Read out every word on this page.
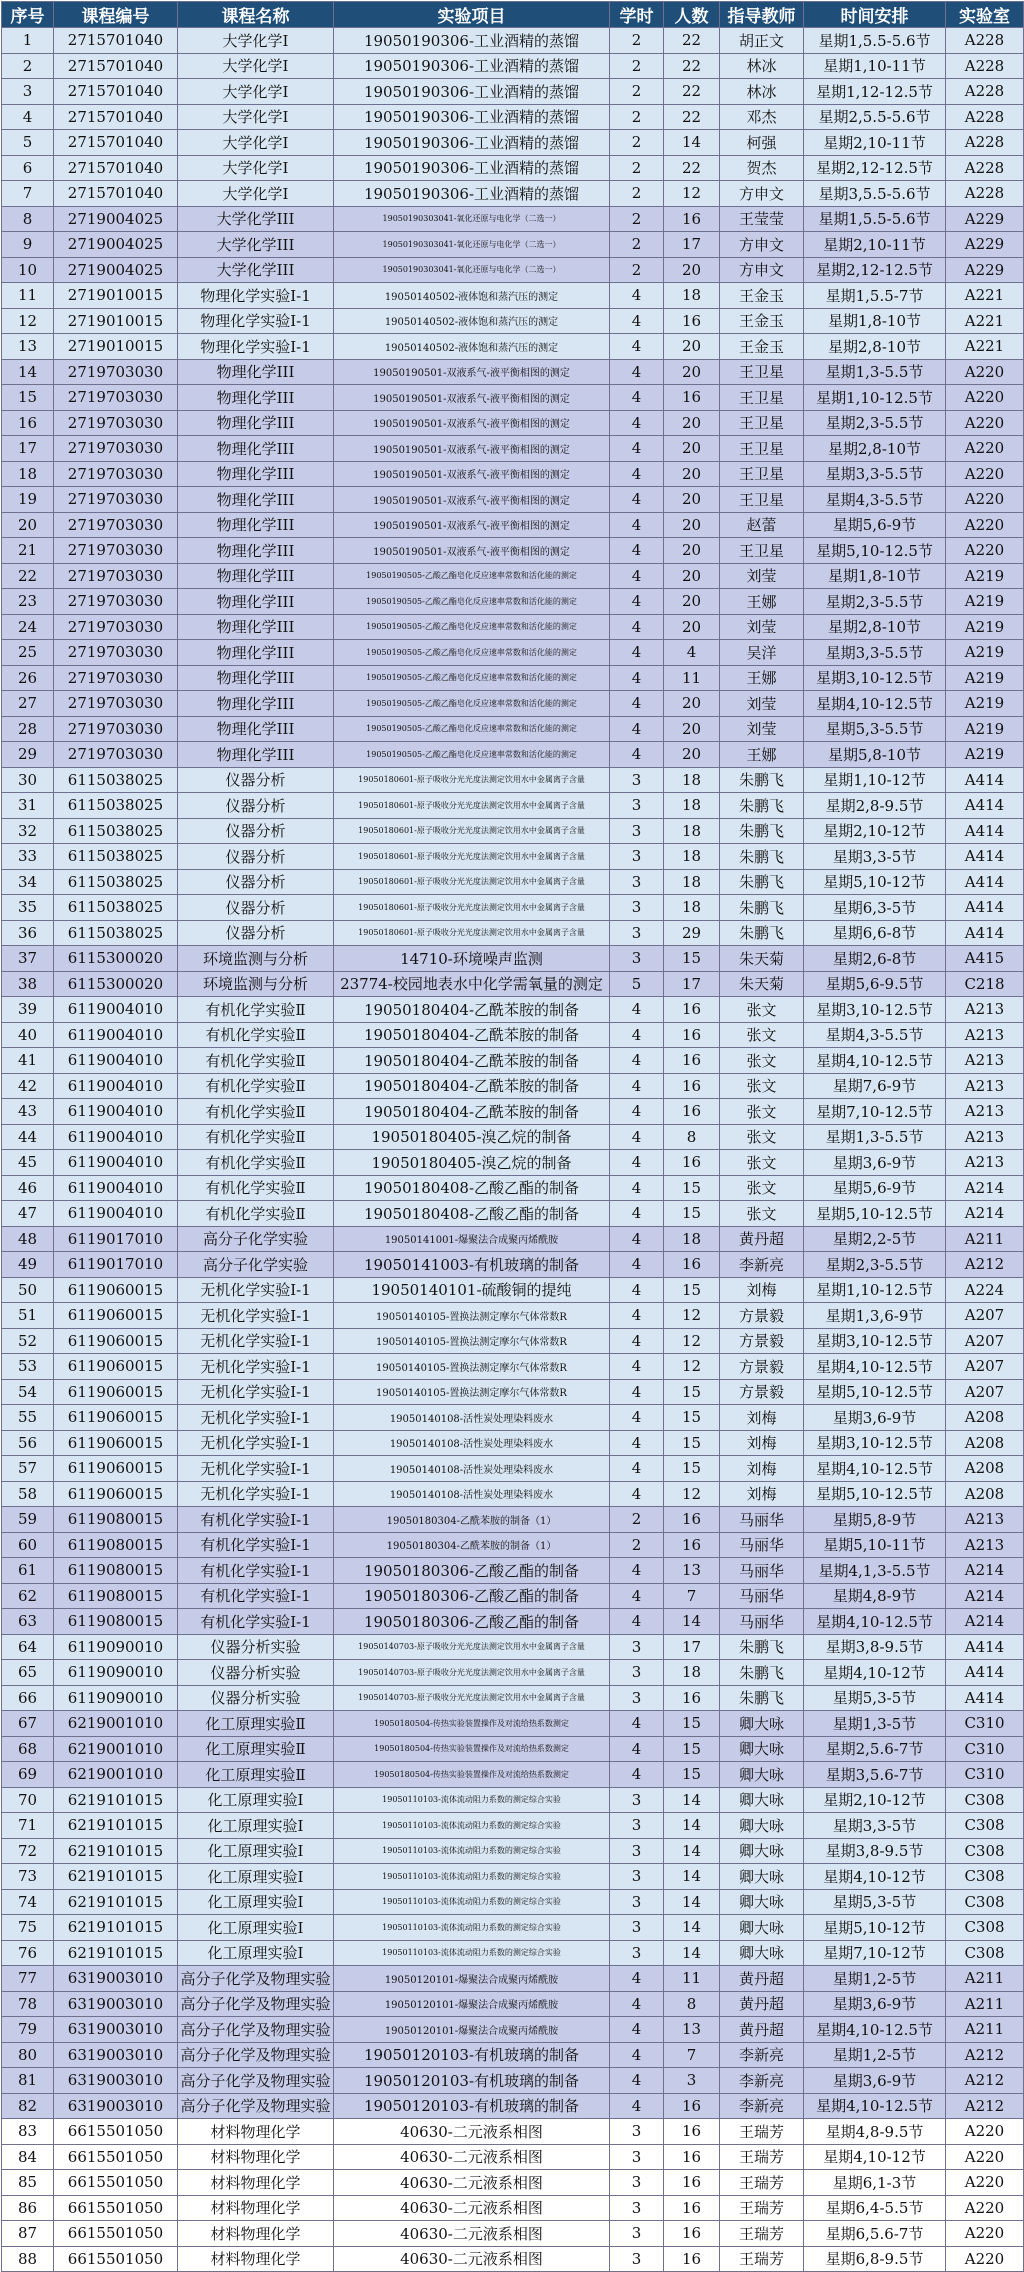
序号	课程编号	课程名称	实验项目	学时	人数	指导教师	时间安排	实验室
1	2715701040	大学化学Ⅰ	19050190306-工业酒精的蒸馏	2	22	胡正文	星期1,5.5-5.6节	A228
2	2715701040	大学化学Ⅰ	19050190306-工业酒精的蒸馏	2	22	林冰	星期1,10-11节	A228
3	2715701040	大学化学Ⅰ	19050190306-工业酒精的蒸馏	2	22	林冰	星期1,12-12.5节	A228
4	2715701040	大学化学Ⅰ	19050190306-工业酒精的蒸馏	2	22	邓杰	星期2,5.5-5.6节	A228
5	2715701040	大学化学Ⅰ	19050190306-工业酒精的蒸馏	2	14	柯强	星期2,10-11节	A228
6	2715701040	大学化学Ⅰ	19050190306-工业酒精的蒸馏	2	22	贺杰	星期2,12-12.5节	A228
7	2715701040	大学化学Ⅰ	19050190306-工业酒精的蒸馏	2	12	方申文	星期3,5.5-5.6节	A228
8	2719004025	大学化学III	19050190303041-氧化还原与电化学（二选一）	2	16	王莹莹	星期1,5.5-5.6节	A229
9	2719004025	大学化学III	19050190303041-氧化还原与电化学（二选一）	2	17	方申文	星期2,10-11节	A229
10	2719004025	大学化学III	19050190303041-氧化还原与电化学（二选一）	2	20	方申文	星期2,12-12.5节	A229
11	2719010015	物理化学实验Ⅰ-1	19050140502-液体饱和蒸汽压的测定	4	18	王金玉	星期1,5.5-7节	A221
12	2719010015	物理化学实验Ⅰ-1	19050140502-液体饱和蒸汽压的测定	4	16	王金玉	星期1,8-10节	A221
13	2719010015	物理化学实验Ⅰ-1	19050140502-液体饱和蒸汽压的测定	4	20	王金玉	星期2,8-10节	A221
14	2719703030	物理化学III	19050190501-双液系气-液平衡相图的测定	4	20	王卫星	星期1,3-5.5节	A220
15	2719703030	物理化学III	19050190501-双液系气-液平衡相图的测定	4	16	王卫星	星期1,10-12.5节	A220
16	2719703030	物理化学III	19050190501-双液系气-液平衡相图的测定	4	20	王卫星	星期2,3-5.5节	A220
17	2719703030	物理化学III	19050190501-双液系气-液平衡相图的测定	4	20	王卫星	星期2,8-10节	A220
18	2719703030	物理化学III	19050190501-双液系气-液平衡相图的测定	4	20	王卫星	星期3,3-5.5节	A220
19	2719703030	物理化学III	19050190501-双液系气-液平衡相图的测定	4	20	王卫星	星期4,3-5.5节	A220
20	2719703030	物理化学III	19050190501-双液系气-液平衡相图的测定	4	20	赵蕾	星期5,6-9节	A220
21	2719703030	物理化学III	19050190501-双液系气-液平衡相图的测定	4	20	王卫星	星期5,10-12.5节	A220
22	2719703030	物理化学III	19050190505-乙酸乙酯皂化反应速率常数和活化能的测定	4	20	刘莹	星期1,8-10节	A219
23	2719703030	物理化学III	19050190505-乙酸乙酯皂化反应速率常数和活化能的测定	4	20	王娜	星期2,3-5.5节	A219
24	2719703030	物理化学III	19050190505-乙酸乙酯皂化反应速率常数和活化能的测定	4	20	刘莹	星期2,8-10节	A219
25	2719703030	物理化学III	19050190505-乙酸乙酯皂化反应速率常数和活化能的测定	4	4	吴洋	星期3,3-5.5节	A219
26	2719703030	物理化学III	19050190505-乙酸乙酯皂化反应速率常数和活化能的测定	4	11	王娜	星期3,10-12.5节	A219
27	2719703030	物理化学III	19050190505-乙酸乙酯皂化反应速率常数和活化能的测定	4	20	刘莹	星期4,10-12.5节	A219
28	2719703030	物理化学III	19050190505-乙酸乙酯皂化反应速率常数和活化能的测定	4	20	刘莹	星期5,3-5.5节	A219
29	2719703030	物理化学III	19050190505-乙酸乙酯皂化反应速率常数和活化能的测定	4	20	王娜	星期5,8-10节	A219
30	6115038025	仪器分析	19050180601-原子吸收分光光度法测定饮用水中金属离子含量	3	18	朱鹏飞	星期1,10-12节	A414
31	6115038025	仪器分析	19050180601-原子吸收分光光度法测定饮用水中金属离子含量	3	18	朱鹏飞	星期2,8-9.5节	A414
32	6115038025	仪器分析	19050180601-原子吸收分光光度法测定饮用水中金属离子含量	3	18	朱鹏飞	星期2,10-12节	A414
33	6115038025	仪器分析	19050180601-原子吸收分光光度法测定饮用水中金属离子含量	3	18	朱鹏飞	星期3,3-5节	A414
34	6115038025	仪器分析	19050180601-原子吸收分光光度法测定饮用水中金属离子含量	3	18	朱鹏飞	星期5,10-12节	A414
35	6115038025	仪器分析	19050180601-原子吸收分光光度法测定饮用水中金属离子含量	3	18	朱鹏飞	星期6,3-5节	A414
36	6115038025	仪器分析	19050180601-原子吸收分光光度法测定饮用水中金属离子含量	3	29	朱鹏飞	星期6,6-8节	A414
37	6115300020	环境监测与分析	14710-环境噪声监测	3	15	朱天菊	星期2,6-8节	A415
38	6115300020	环境监测与分析	23774-校园地表水中化学需氧量的测定	5	17	朱天菊	星期5,6-9.5节	C218
39	6119004010	有机化学实验Ⅱ	19050180404-乙酰苯胺的制备	4	16	张文	星期3,10-12.5节	A213
40	6119004010	有机化学实验Ⅱ	19050180404-乙酰苯胺的制备	4	16	张文	星期4,3-5.5节	A213
41	6119004010	有机化学实验Ⅱ	19050180404-乙酰苯胺的制备	4	16	张文	星期4,10-12.5节	A213
42	6119004010	有机化学实验Ⅱ	19050180404-乙酰苯胺的制备	4	16	张文	星期7,6-9节	A213
43	6119004010	有机化学实验Ⅱ	19050180404-乙酰苯胺的制备	4	16	张文	星期7,10-12.5节	A213
44	6119004010	有机化学实验Ⅱ	19050180405-溴乙烷的制备	4	8	张文	星期1,3-5.5节	A213
45	6119004010	有机化学实验Ⅱ	19050180405-溴乙烷的制备	4	16	张文	星期3,6-9节	A213
46	6119004010	有机化学实验Ⅱ	19050180408-乙酸乙酯的制备	4	15	张文	星期5,6-9节	A214
47	6119004010	有机化学实验Ⅱ	19050180408-乙酸乙酯的制备	4	15	张文	星期5,10-12.5节	A214
48	6119017010	高分子化学实验	19050141001-爆聚法合成聚丙烯酰胺	4	18	黄丹超	星期2,2-5节	A211
49	6119017010	高分子化学实验	19050141003-有机玻璃的制备	4	16	李新亮	星期2,3-5.5节	A212
50	6119060015	无机化学实验I-1	19050140101-硫酸铜的提纯	4	15	刘梅	星期1,10-12.5节	A224
51	6119060015	无机化学实验I-1	19050140105-置换法测定摩尔气体常数R	4	12	方景毅	星期1,3,6-9节	A207
52	6119060015	无机化学实验I-1	19050140105-置换法测定摩尔气体常数R	4	12	方景毅	星期3,10-12.5节	A207
53	6119060015	无机化学实验I-1	19050140105-置换法测定摩尔气体常数R	4	12	方景毅	星期4,10-12.5节	A207
54	6119060015	无机化学实验I-1	19050140105-置换法测定摩尔气体常数R	4	15	方景毅	星期5,10-12.5节	A207
55	6119060015	无机化学实验I-1	19050140108-活性炭处理染料废水	4	15	刘梅	星期3,6-9节	A208
56	6119060015	无机化学实验I-1	19050140108-活性炭处理染料废水	4	15	刘梅	星期3,10-12.5节	A208
57	6119060015	无机化学实验I-1	19050140108-活性炭处理染料废水	4	15	刘梅	星期4,10-12.5节	A208
58	6119060015	无机化学实验I-1	19050140108-活性炭处理染料废水	4	12	刘梅	星期5,10-12.5节	A208
59	6119080015	有机化学实验Ⅰ-1	19050180304-乙酰苯胺的制备（1）	2	16	马丽华	星期5,8-9节	A213
60	6119080015	有机化学实验Ⅰ-1	19050180304-乙酰苯胺的制备（1）	2	16	马丽华	星期5,10-11节	A213
61	6119080015	有机化学实验Ⅰ-1	19050180306-乙酸乙酯的制备	4	13	马丽华	星期4,1,3-5.5节	A214
62	6119080015	有机化学实验Ⅰ-1	19050180306-乙酸乙酯的制备	4	7	马丽华	星期4,8-9节	A214
63	6119080015	有机化学实验Ⅰ-1	19050180306-乙酸乙酯的制备	4	14	马丽华	星期4,10-12.5节	A214
64	6119090010	仪器分析实验	19050140703-原子吸收分光光度法测定饮用水中金属离子含量	3	17	朱鹏飞	星期3,8-9.5节	A414
65	6119090010	仪器分析实验	19050140703-原子吸收分光光度法测定饮用水中金属离子含量	3	18	朱鹏飞	星期4,10-12节	A414
66	6119090010	仪器分析实验	19050140703-原子吸收分光光度法测定饮用水中金属离子含量	3	16	朱鹏飞	星期5,3-5节	A414
67	6219001010	化工原理实验Ⅱ	19050180504-传热实验装置操作及对流给热系数测定	4	15	卿大咏	星期1,3-5节	C310
68	6219001010	化工原理实验Ⅱ	19050180504-传热实验装置操作及对流给热系数测定	4	15	卿大咏	星期2,5.6-7节	C310
69	6219001010	化工原理实验Ⅱ	19050180504-传热实验装置操作及对流给热系数测定	4	15	卿大咏	星期3,5.6-7节	C310
70	6219101015	化工原理实验Ⅰ	19050110103-流体流动阻力系数的测定综合实验	3	14	卿大咏	星期2,10-12节	C308
71	6219101015	化工原理实验Ⅰ	19050110103-流体流动阻力系数的测定综合实验	3	14	卿大咏	星期3,3-5节	C308
72	6219101015	化工原理实验Ⅰ	19050110103-流体流动阻力系数的测定综合实验	3	14	卿大咏	星期3,8-9.5节	C308
73	6219101015	化工原理实验Ⅰ	19050110103-流体流动阻力系数的测定综合实验	3	14	卿大咏	星期4,10-12节	C308
74	6219101015	化工原理实验Ⅰ	19050110103-流体流动阻力系数的测定综合实验	3	14	卿大咏	星期5,3-5节	C308
75	6219101015	化工原理实验Ⅰ	19050110103-流体流动阻力系数的测定综合实验	3	14	卿大咏	星期5,10-12节	C308
76	6219101015	化工原理实验Ⅰ	19050110103-流体流动阻力系数的测定综合实验	3	14	卿大咏	星期7,10-12节	C308
77	6319003010	高分子化学及物理实验	19050120101-爆聚法合成聚丙烯酰胺	4	11	黄丹超	星期1,2-5节	A211
78	6319003010	高分子化学及物理实验	19050120101-爆聚法合成聚丙烯酰胺	4	8	黄丹超	星期3,6-9节	A211
79	6319003010	高分子化学及物理实验	19050120101-爆聚法合成聚丙烯酰胺	4	13	黄丹超	星期4,10-12.5节	A211
80	6319003010	高分子化学及物理实验	19050120103-有机玻璃的制备	4	7	李新亮	星期1,2-5节	A212
81	6319003010	高分子化学及物理实验	19050120103-有机玻璃的制备	4	3	李新亮	星期3,6-9节	A212
82	6319003010	高分子化学及物理实验	19050120103-有机玻璃的制备	4	16	李新亮	星期4,10-12.5节	A212
83	6615501050	材料物理化学	40630-二元液系相图	3	16	王瑞芳	星期4,8-9.5节	A220
84	6615501050	材料物理化学	40630-二元液系相图	3	16	王瑞芳	星期4,10-12节	A220
85	6615501050	材料物理化学	40630-二元液系相图	3	16	王瑞芳	星期6,1-3节	A220
86	6615501050	材料物理化学	40630-二元液系相图	3	16	王瑞芳	星期6,4-5.5节	A220
87	6615501050	材料物理化学	40630-二元液系相图	3	16	王瑞芳	星期6,5.6-7节	A220
88	6615501050	材料物理化学	40630-二元液系相图	3	16	王瑞芳	星期6,8-9.5节	A220
